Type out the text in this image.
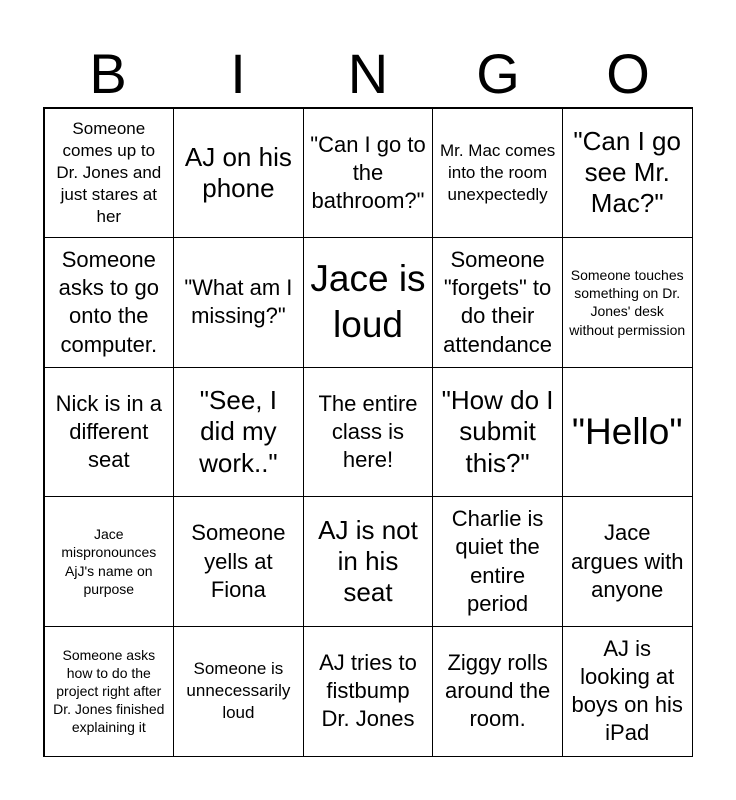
B	I	N	G	O
Someone comes up to Dr. Jones and just stares at her
AJ on his phone
"Can I go to the bathroom?"
Mr. Mac comes into the room unexpectedly
"Can I go see Mr. Mac?"
Someone asks to go onto the computer.
"What am I missing?"
Jace is loud
Someone "forgets" to do their attendance
Someone touches something on Dr. Jones' desk without permission
Nick is in a different seat
"See, I did my work.."
The entire class is here!
"How do I submit this?"
"Hello"
Jace mispronounces AjJ's name on purpose
Someone yells at Fiona
AJ is not in his seat
Charlie is quiet the entire period
Jace argues with anyone
Someone asks how to do the project right after Dr. Jones finished explaining it
Someone is unnecessarily loud
AJ tries to fistbump Dr. Jones
Ziggy rolls around the room.
AJ is looking at boys on his iPad
